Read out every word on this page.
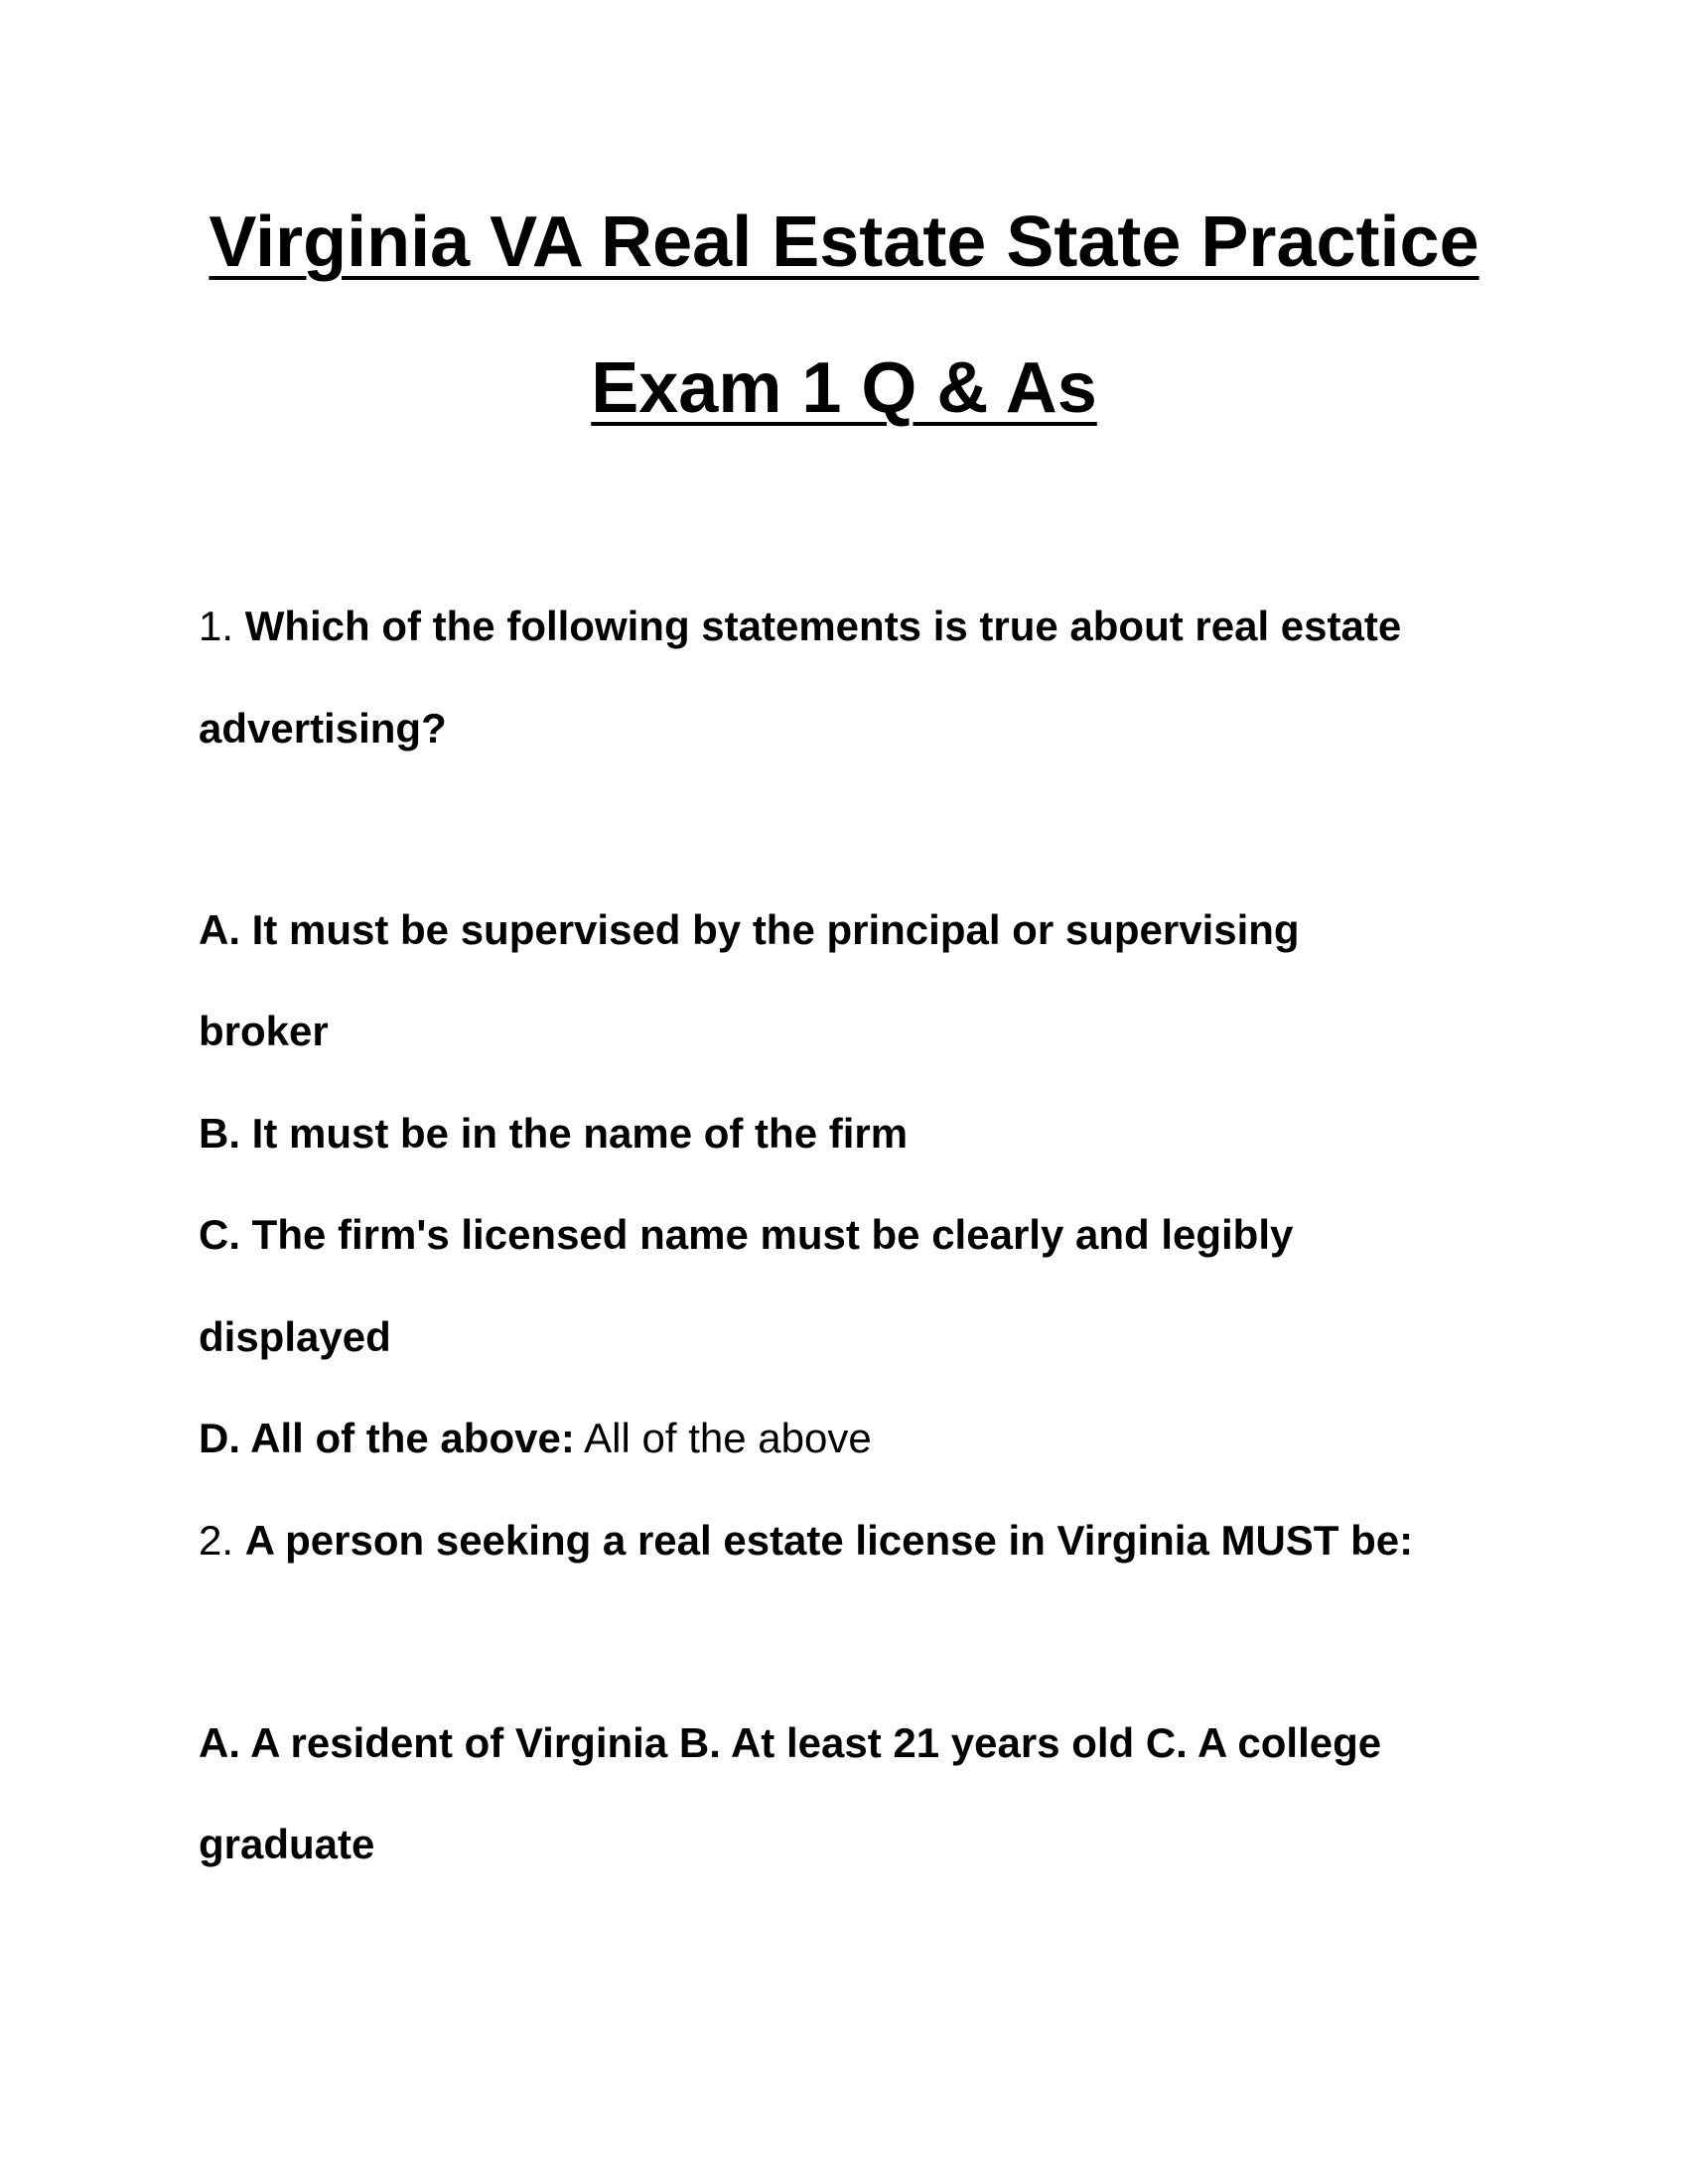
Virginia VA Real Estate State Practice
Exam 1 Q & As
1. Which of the following statements is true about real estate
advertising?
A. It must be supervised by the principal or supervising
broker
B. It must be in the name of the firm
C. The firm's licensed name must be clearly and legibly
displayed
D. All of the above: All of the above
2. A person seeking a real estate license in Virginia MUST be:
A. A resident of Virginia B. At least 21 years old C. A college
graduate
